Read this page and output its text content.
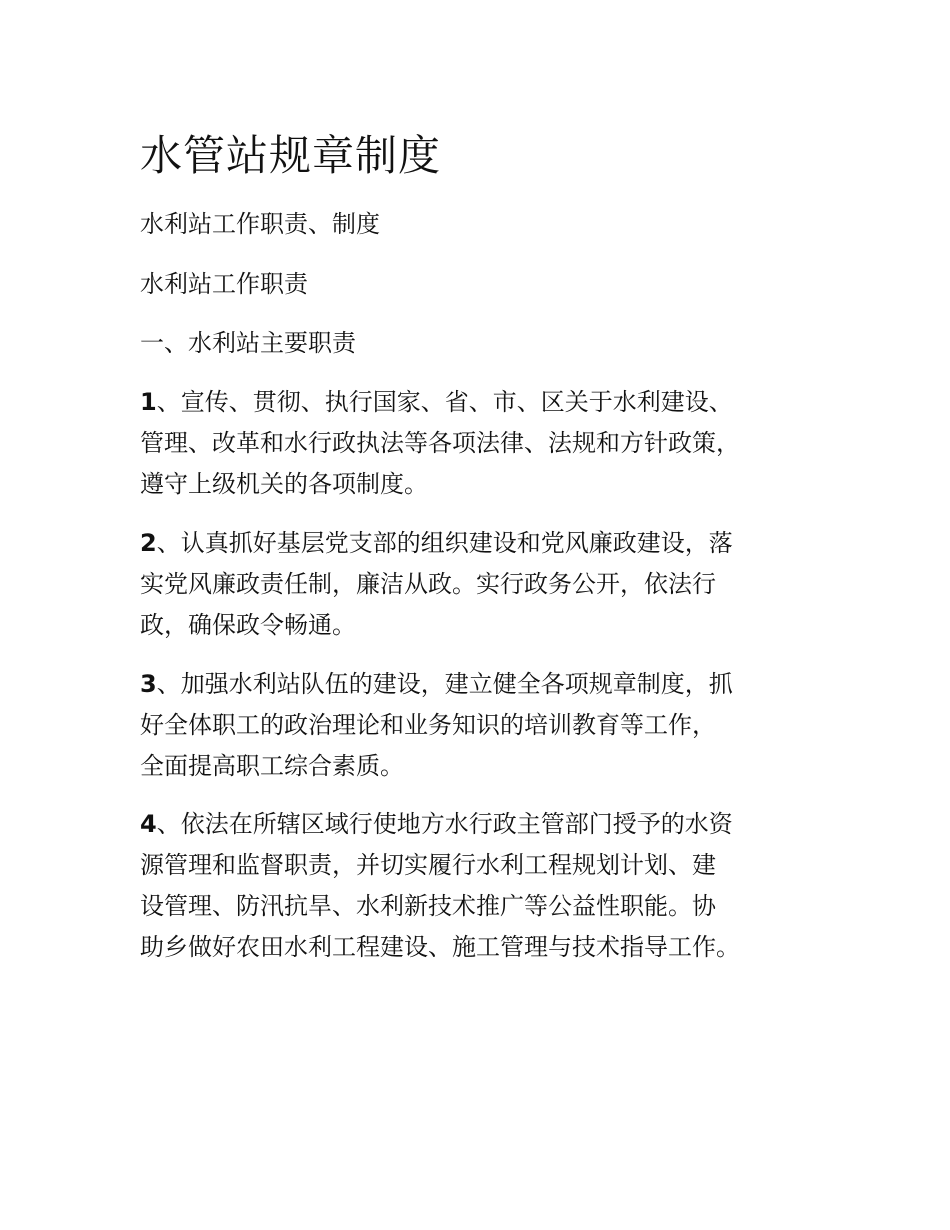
水管站规章制度
水利站工作职责、制度
水利站工作职责
一、水利站主要职责
1、宣传、贯彻、执行国家、省、市、区关于水利建设、
管理、改革和水行政执法等各项法律、法规和方针政策，
遵守上级机关的各项制度。
2、认真抓好基层党支部的组织建设和党风廉政建设，落
实党风廉政责任制，廉洁从政。实行政务公开，依法行
政，确保政令畅通。
3、加强水利站队伍的建设，建立健全各项规章制度，抓
好全体职工的政治理论和业务知识的培训教育等工作，
全面提高职工综合素质。
4、依法在所辖区域行使地方水行政主管部门授予的水资
源管理和监督职责，并切实履行水利工程规划计划、建
设管理、防汛抗旱、水利新技术推广等公益性职能。协
助乡做好农田水利工程建设、施工管理与技术指导工作。
